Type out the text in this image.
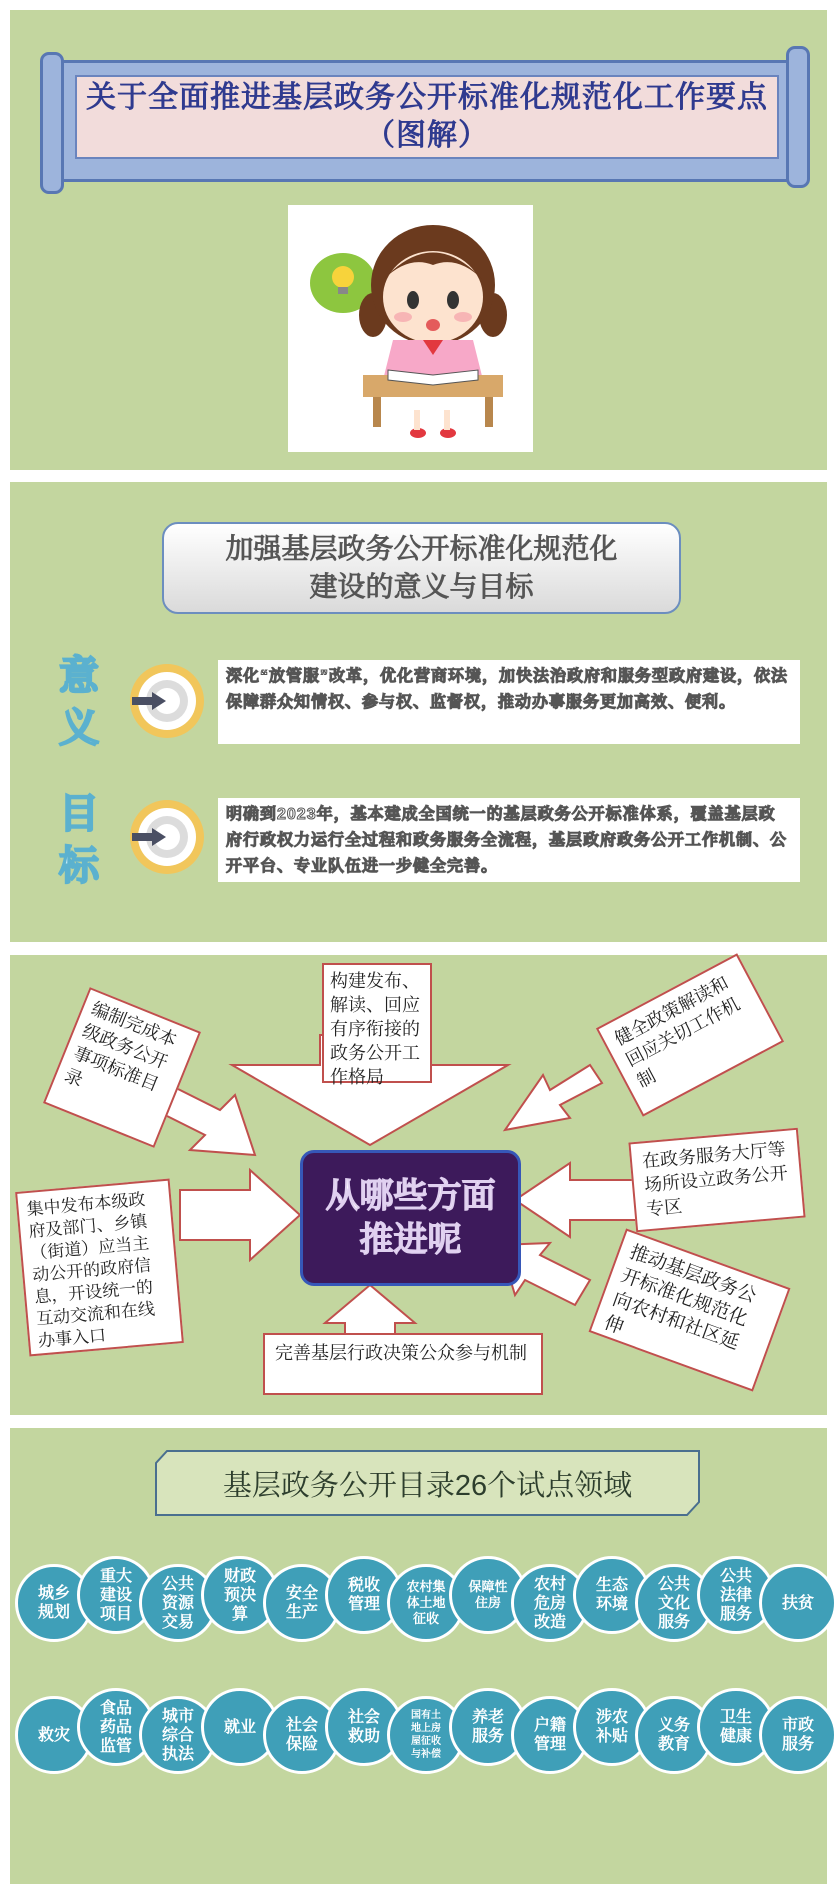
关于全面推进基层政务公开标准化规范化工作要点
（图解）
加强基层政务公开标准化规范化
建设的意义与目标
意
义
深化“放管服”改革，优化营商环境，加快法治政府和服务型政府建设，依法保障群众知情权、参与权、监督权，推动办事服务更加高效、便利。
目
标
明确到2023年，基本建成全国统一的基层政务公开标准体系，覆盖基层政府行政权力运行全过程和政务服务全流程，基层政府政务公开工作机制、公开平台、专业队伍进一步健全完善。
从哪些方面
推进呢
构建发布、解读、回应有序衔接的政务公开工作格局
编制完成本级政务公开事项标准目录
健全政策解读和回应关切工作机制
在政务服务大厅等场所设立政务公开专区
集中发布本级政府及部门、乡镇（街道）应当主动公开的政府信息，开设统一的互动交流和在线办事入口
推动基层政务公开标准化规范化向农村和社区延伸
完善基层行政决策公众参与机制
基层政务公开目录26个试点领域
城乡
规划
重大
建设
项目
公共
资源
交易
财政
预决
算
安全
生产
税收
管理
农村集
体土地
征收
保障性
住房
农村
危房
改造
生态
环境
公共
文化
服务
公共
法律
服务
扶贫
救灾
食品
药品
监管
城市
综合
执法
就业 社会
保险
社会
救助
国有土
地上房
屋征收
与补偿
养老
服务
户籍
管理
涉农
补贴
义务
教育
卫生
健康
市政
服务
